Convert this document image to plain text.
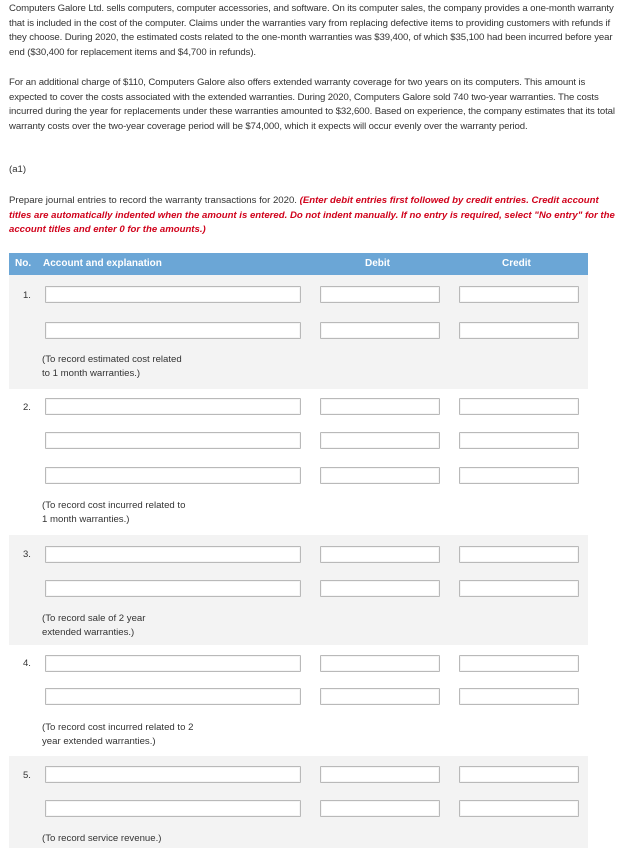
Computers Galore Ltd. sells computers, computer accessories, and software. On its computer sales, the company provides a one-month warranty that is included in the cost of the computer. Claims under the warranties vary from replacing defective items to providing customers with refunds if they choose. During 2020, the estimated costs related to the one-month warranties was $39,400, of which $35,100 had been incurred before year end ($30,400 for replacement items and $4,700 in refunds).

For an additional charge of $110, Computers Galore also offers extended warranty coverage for two years on its computers. This amount is expected to cover the costs associated with the extended warranties. During 2020, Computers Galore sold 740 two-year warranties. The costs incurred during the year for replacements under these warranties amounted to $32,600. Based on experience, the company estimates that its total warranty costs over the two-year coverage period will be $74,000, which it expects will occur evenly over the warranty period.

(a1)
Prepare journal entries to record the warranty transactions for 2020. (Enter debit entries first followed by credit entries. Credit account titles are automatically indented when the amount is entered. Do not indent manually. If no entry is required, select "No entry" for the account titles and enter 0 for the amounts.)
No. Account and explanation	Debit	Credit
1.
(To record estimated cost related to 1 month warranties.)
2.
(To record cost incurred related to 1 month warranties.)
3.
(To record sale of 2 year extended warranties.)
4.
(To record cost incurred related to 2 year extended warranties.)
5.
(To record service revenue.)
